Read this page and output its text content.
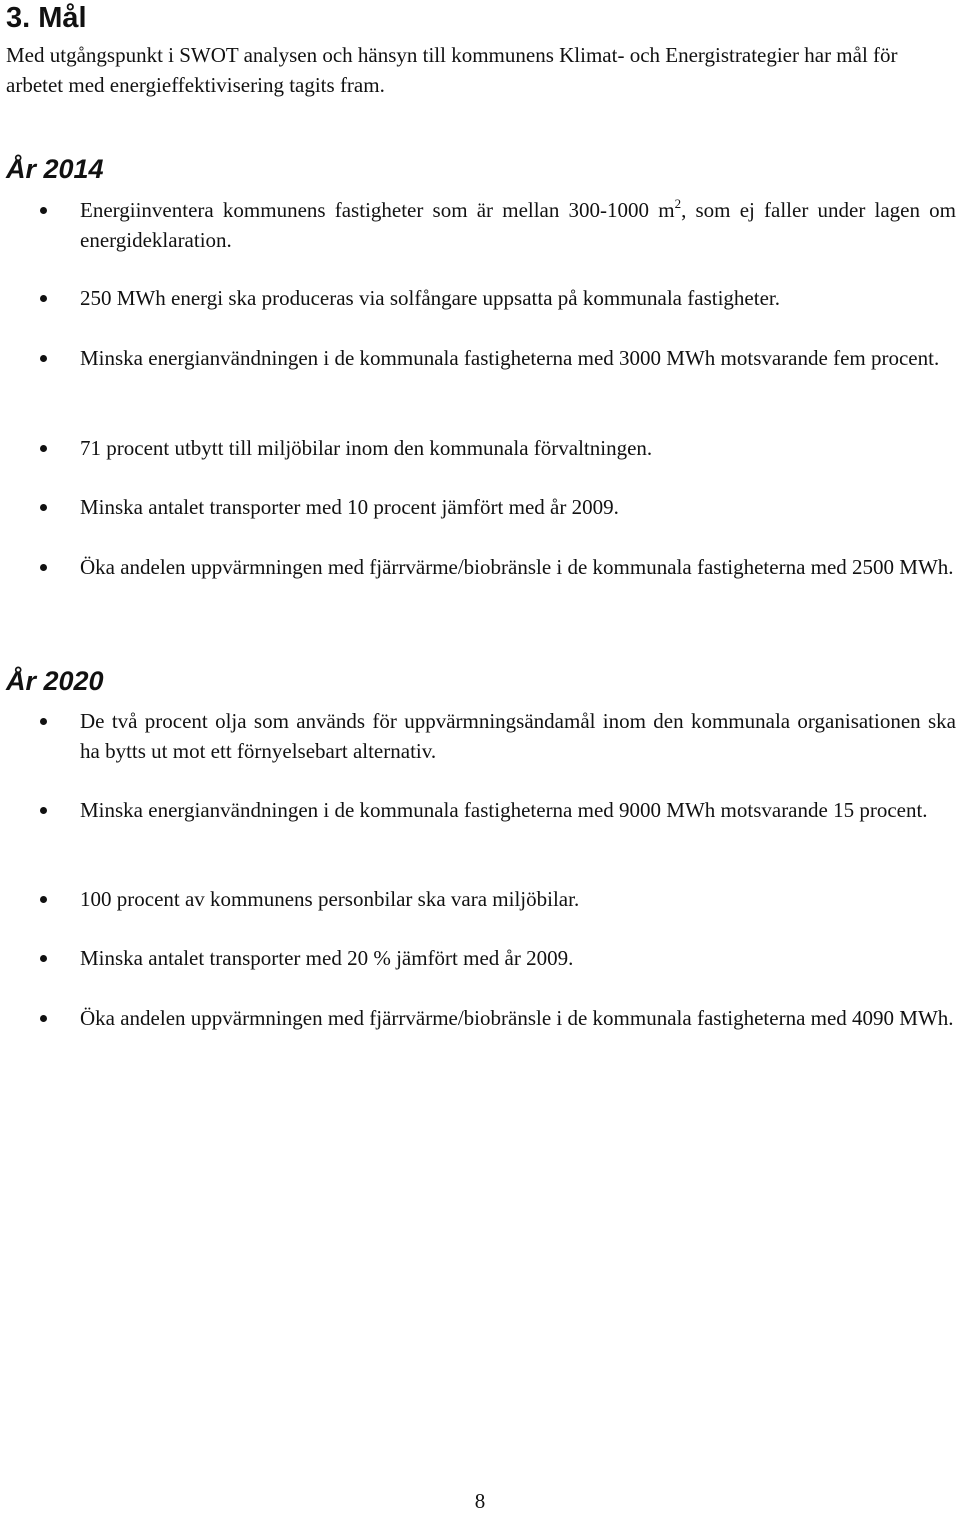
3. Mål

Med utgångspunkt i SWOT analysen och hänsyn till kommunens Klimat- och Energistrategier har mål för arbetet med energieffektivisering tagits fram.

År 2014

Energiinventera kommunens fastigheter som är mellan 300-1000 $m^2$, som ej faller under lagen om energideklaration.

250 MWh energi ska produceras via solfångare uppsatta på kommunala fastigheter.

Minska energianvändningen i de kommunala fastigheterna med 3000 MWh motsvarande fem procent.

71 procent utbytt till miljöbilar inom den kommunala förvaltningen.

Minska antalet transporter med 10 procent jämfört med år 2009.

Öka andelen uppvärmningen med fjärrvärme/biobränsle i de kommunala fastigheterna med 2500 MWh.

År 2020

De två procent olja som används för uppvärmningsändamål inom den kommunala organisationen ska ha bytts ut mot ett förnyelsebart alternativ.

Minska energianvändningen i de kommunala fastigheterna med 9000 MWh motsvarande 15 procent.

100 procent av kommunens personbilar ska vara miljöbilar.

Minska antalet transporter med 20 % jämfört med år 2009.

Öka andelen uppvärmningen med fjärrvärme/biobränsle i de kommunala fastigheterna med 4090 MWh.

8
